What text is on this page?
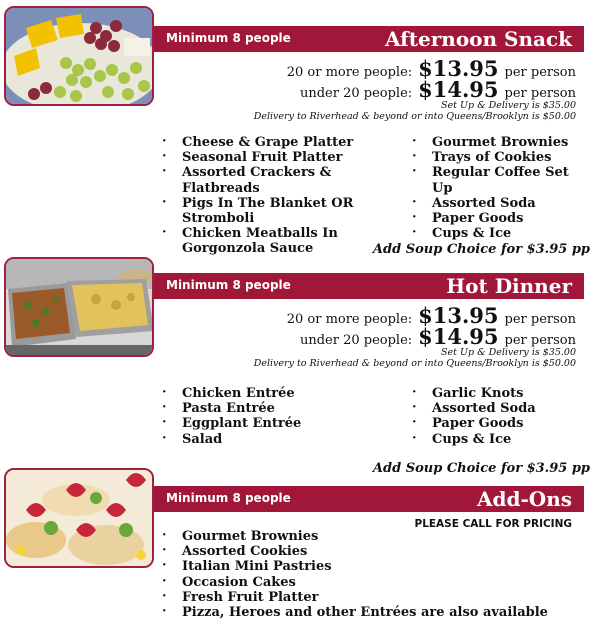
Minimum 8 people	Afternoon Snack
20 or more people: $13.95 per person
under 20 people: $14.95 per person
Set Up & Delivery is $35.00
Delivery to Riverhead & beyond or into Queens/Brooklyn is $50.00
· Cheese & Grape Platter
· Seasonal Fruit Platter
· Assorted Crackers & Flatbreads
· Pigs In The Blanket OR Stromboli
· Chicken Meatballs In Gorgonzola Sauce
· Gourmet Brownies
· Trays of Cookies
· Regular Coffee Set Up
· Assorted Soda
· Paper Goods
· Cups & Ice
Add Soup Choice for $3.95 pp
Minimum 8 people	Hot Dinner
20 or more people: $13.95 per person
under 20 people: $14.95 per person
Set Up & Delivery is $35.00
Delivery to Riverhead & beyond or into Queens/Brooklyn is $50.00
· Chicken Entrée
· Pasta Entrée
· Eggplant Entrée
· Salad
· Garlic Knots
· Assorted Soda
· Paper Goods
· Cups & Ice
Add Soup Choice for $3.95 pp
Minimum 8 people	Add-Ons
PLEASE CALL FOR PRICING
· Gourmet Brownies
· Assorted Cookies
· Italian Mini Pastries
· Occasion Cakes
· Fresh Fruit Platter
· Pizza, Heroes and other Entrées are also available
